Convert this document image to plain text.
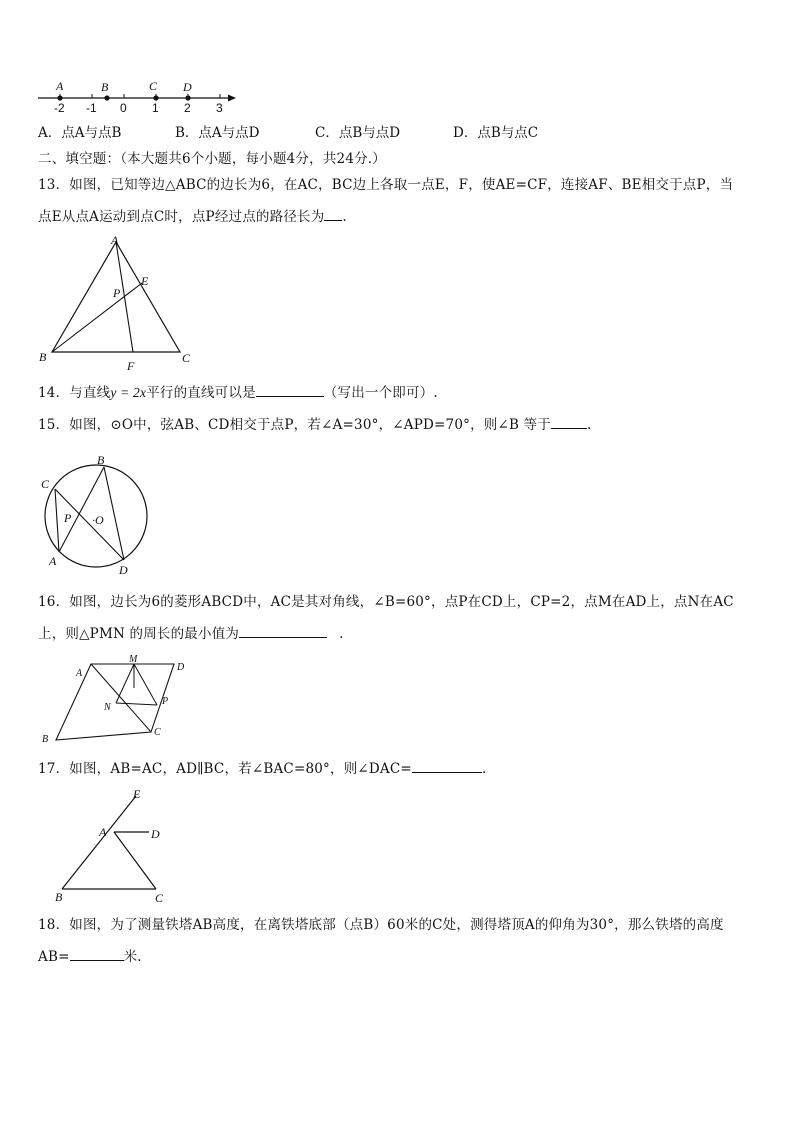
A	B	C D
-2 -1 0 1 2 3
A．点A与点B	B．点A与点D	C．点B与点D	D．点B与点C
二、填空题：（本大题共6个小题，每小题4分，共24分.）
13．如图，已知等边△ABC的边长为6，在AC，BC边上各取一点E，F，使AE=CF，连接AF、BE相交于点P，当
点E从点A运动到点C时，点P经过点的路径长为 .
A
E
P
B
F
C
14．与直线y = 2x平行的直线可以是	（写出一个即可）.
15．如图，⊙O中，弦AB、CD相交于点P，若∠A=30°，∠APD=70°，则∠B 等于	.
B
C
P ·O
A
D
16．如图，边长为6的菱形ABCD中，AC是其对角线，∠B=60°，点P在CD上，CP=2，点M在AD上，点N在AC
上，则△PMN 的周长的最小值为	.
M
A
D
N
P
C
B
17．如图，AB=AC，AD∥BC，若∠BAC=80°，则∠DAC=	.
E
A	D
B	C
18．如图，为了测量铁塔AB高度，在离铁塔底部（点B）60米的C处，测得塔顶A的仰角为30°，那么铁塔的高度
AB=	米.
